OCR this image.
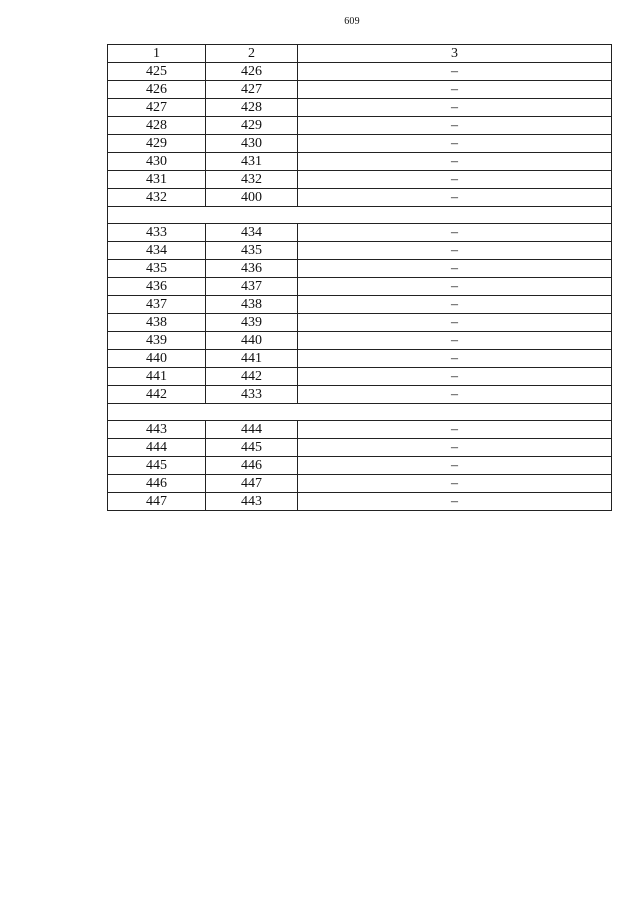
609
1	2	3
425	426	–
426	427	–
427	428	–
428	429	–
429	430	–
430	431	–
431	432	–
432	400	–

433	434	–
434	435	–
435	436	–
436	437	–
437	438	–
438	439	–
439	440	–
440	441	–
441	442	–
442	433	–

443	444	–
444	445	–
445	446	–
446	447	–
447	443	–
